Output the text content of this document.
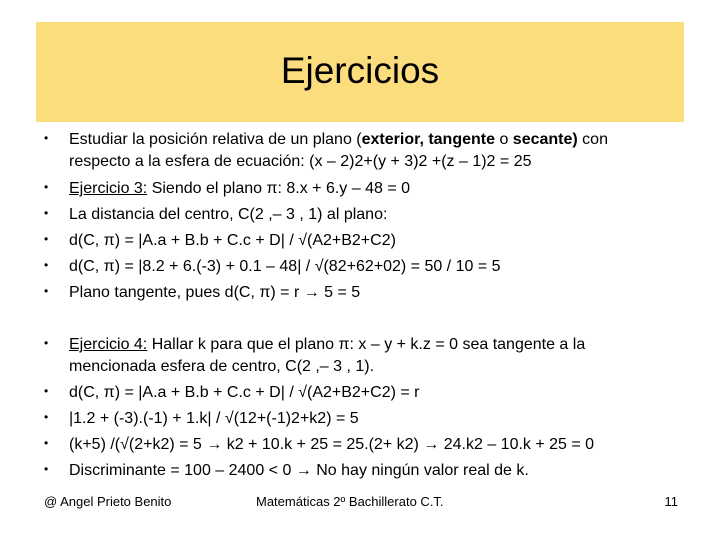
Ejercicios
• Estudiar la posición relativa de un plano (exterior, tangente o secante) con
respecto a la esfera de ecuación: (x – 2)2+(y + 3)2 +(z – 1)2 = 25
• Ejercicio 3: Siendo el plano π: 8.x + 6.y – 48 = 0
• La distancia del centro, C(2 ,– 3 , 1) al plano:
• d(C, π) = |A.a + B.b + C.c + D| / √(A2+B2+C2)
• d(C, π) = |8.2 + 6.(-3) + 0.1 – 48| / √(82+62+02) = 50 / 10 = 5
• Plano tangente, pues d(C, π) = r → 5 = 5
• Ejercicio 4: Hallar k para que el plano π: x – y + k.z = 0 sea tangente a la
mencionada esfera de centro, C(2 ,– 3 , 1).
• d(C, π) = |A.a + B.b + C.c + D| / √(A2+B2+C2) = r
• |1.2 + (-3).(-1) + 1.k| / √(12+(-1)2+k2) = 5
• (k+5) /(√(2+k2) = 5 → k2 + 10.k + 25 = 25.(2+ k2) → 24.k2 – 10.k + 25 = 0
• Discriminante = 100 – 2400 < 0 → No hay ningún valor real de k.
@ Angel Prieto Benito	Matemáticas 2º Bachillerato C.T.	11
